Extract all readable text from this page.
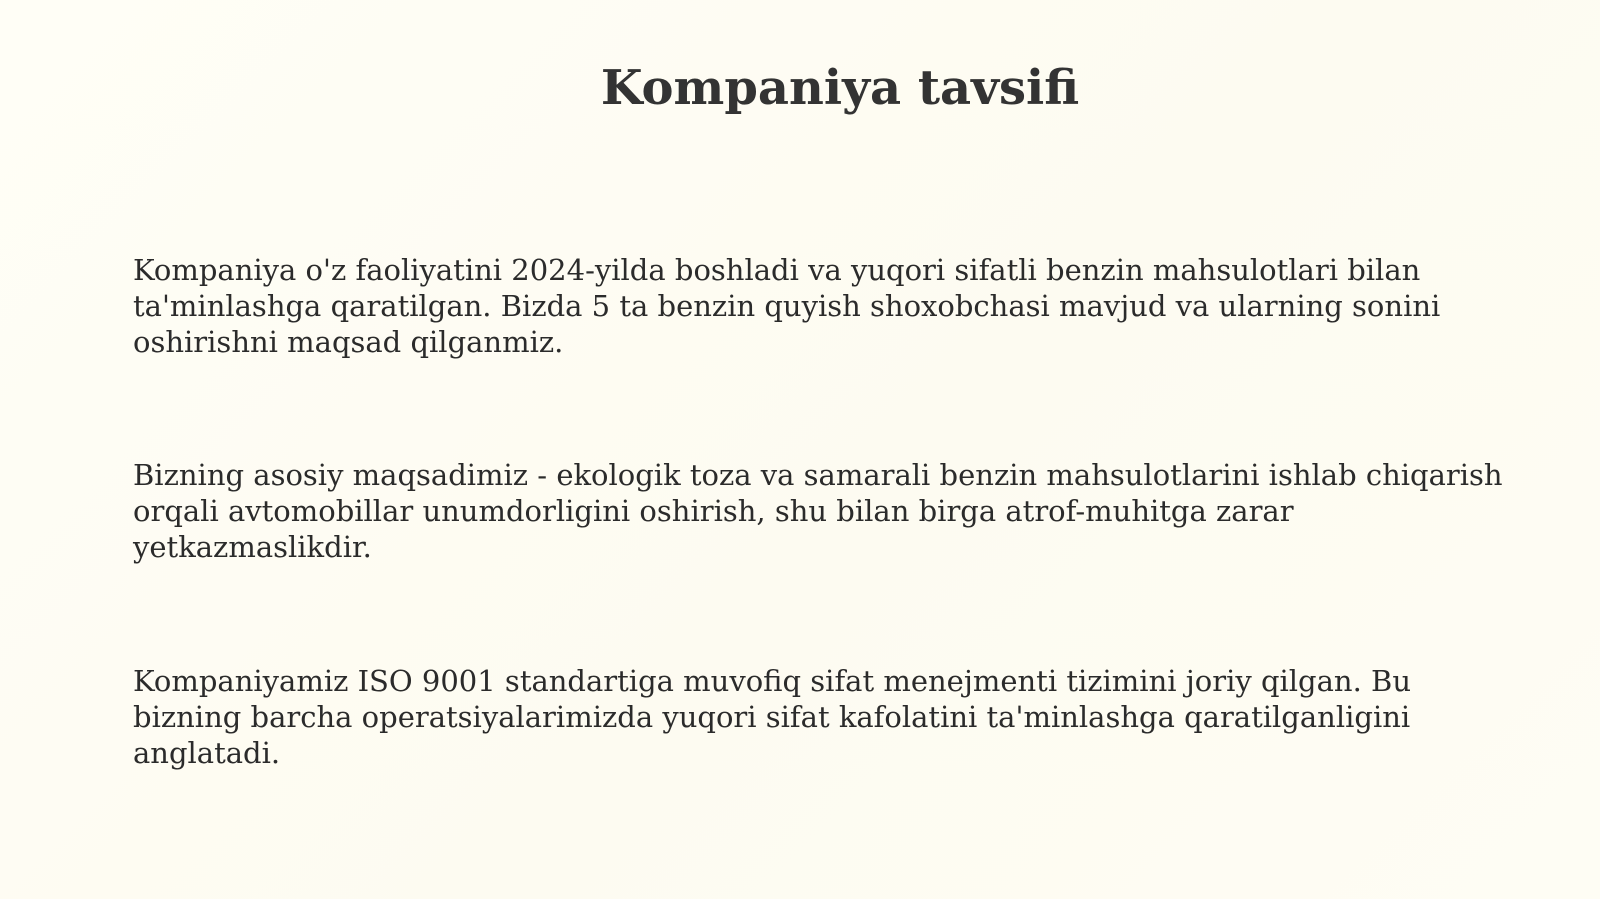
Kompaniya tavsifi

Kompaniya o'z faoliyatini 2024-yilda boshladi va yuqori sifatli benzin mahsulotlari bilan ta'minlashga qaratilgan. Bizda 5 ta benzin quyish shoxobchasi mavjud va ularning sonini oshirishni maqsad qilganmiz.

Bizning asosiy maqsadimiz - ekologik toza va samarali benzin mahsulotlarini ishlab chiqarish orqali avtomobillar unumdorligini oshirish, shu bilan birga atrof-muhitga zarar yetkazmaslikdir.

Kompaniyamiz ISO 9001 standartiga muvofiq sifat menejmenti tizimini joriy qilgan. Bu bizning barcha operatsiyalarimizda yuqori sifat kafolatini ta'minlashga qaratilganligini anglatadi.
